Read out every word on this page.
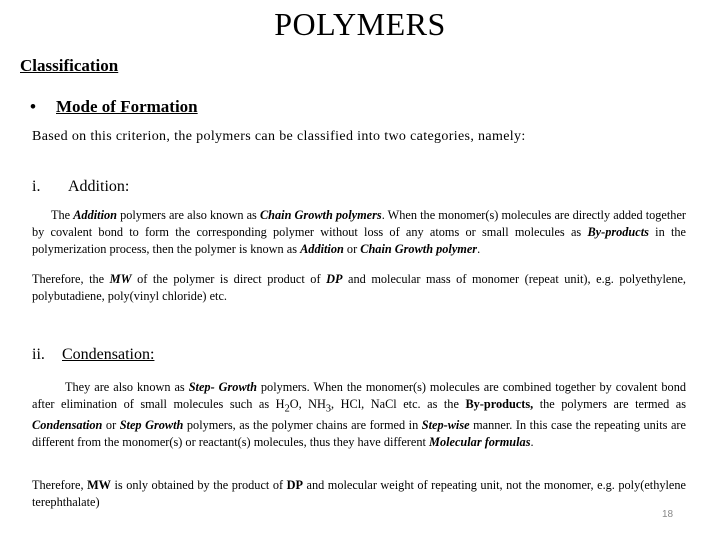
POLYMERS
Classification
• Mode of Formation
Based on this criterion, the polymers can be classified into two categories, namely:
i. Addition:

The Addition polymers are also known as Chain Growth polymers. When the monomer(s) molecules are directly added together by covalent bond to form the corresponding polymer without loss of any atoms or small molecules as By-products in the polymerization process, then the polymer is known as Addition or Chain Growth polymer.

Therefore, the MW of the polymer is direct product of DP and molecular mass of monomer (repeat unit), e.g. polyethylene, polybutadiene, poly(vinyl chloride) etc.

ii. Condensation:

They are also known as Step- Growth polymers. When the monomer(s) molecules are combined together by covalent bond after elimination of small molecules such as $H_2O$, $NH_3$, HCl, NaCl etc. as the By-products, the polymers are termed as Condensation or Step Growth polymers, as the polymer chains are formed in Step-wise manner. In this case the repeating units are different from the monomer(s) or reactant(s) molecules, thus they have different Molecular formulas.

Therefore, MW is only obtained by the product of DP and molecular weight of repeating unit, not the monomer, e.g. poly(ethylene terephthalate)

18
